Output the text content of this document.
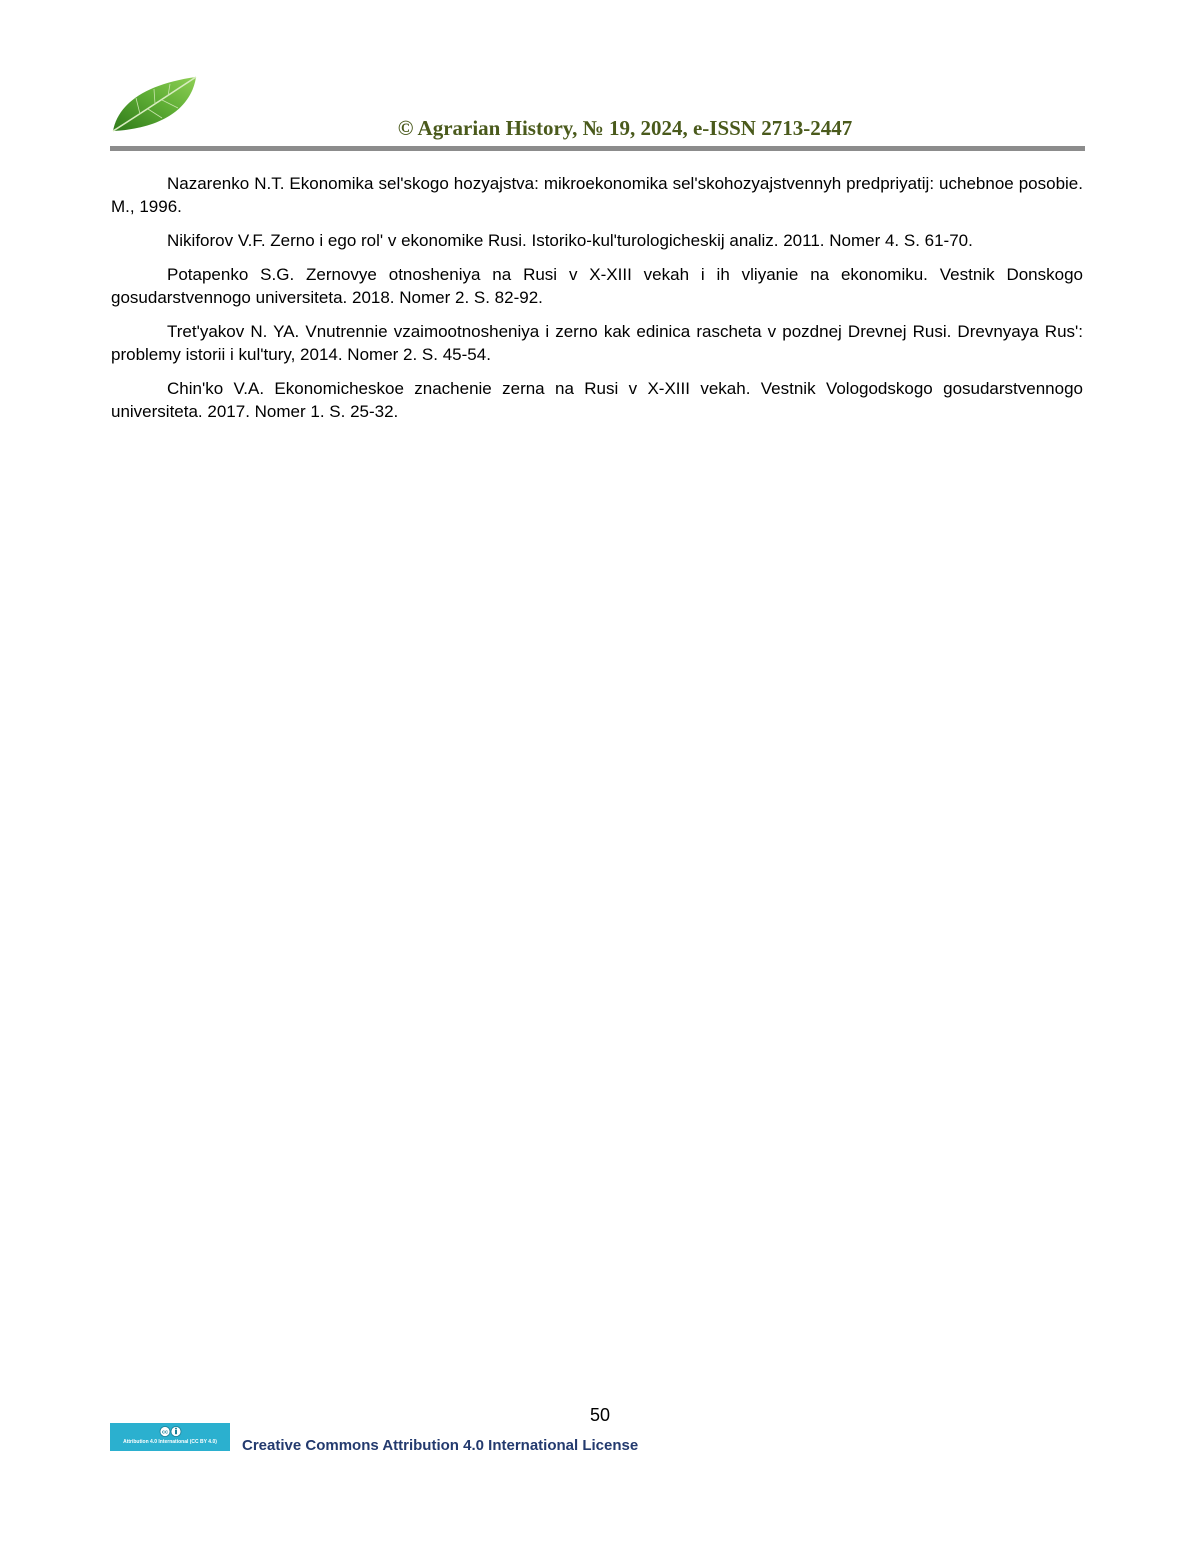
© Agrarian History, № 19, 2024, e-ISSN 2713-2447

Nazarenko N.T. Ekonomika sel'skogo hozyajstva: mikroekonomika sel'skohozyajstvennyh predpriyatij: uchebnoe posobie. M., 1996.

Nikiforov V.F. Zerno i ego rol' v ekonomike Rusi. Istoriko-kul'turologicheskij analiz. 2011. Nomer 4. S. 61-70.

Potapenko S.G. Zernovye otnosheniya na Rusi v X-XIII vekah i ih vliyanie na ekonomiku. Vestnik Donskogo gosudarstvennogo universiteta. 2018. Nomer 2. S. 82-92.

Tret'yakov N. YA. Vnutrennie vzaimootnosheniya i zerno kak edinica rascheta v pozdnej Drevnej Rusi. Drevnyaya Rus': problemy istorii i kul'tury, 2014. Nomer 2. S. 45-54.

Chin'ko V.A. Ekonomicheskoe znachenie zerna na Rusi v X-XIII vekah. Vestnik Vologodskogo gosudarstvennogo universiteta. 2017. Nomer 1. S. 25-32.

50
cc
Attribution 4.0 International (CC BY 4.0)	Creative Commons Attribution 4.0 International License
